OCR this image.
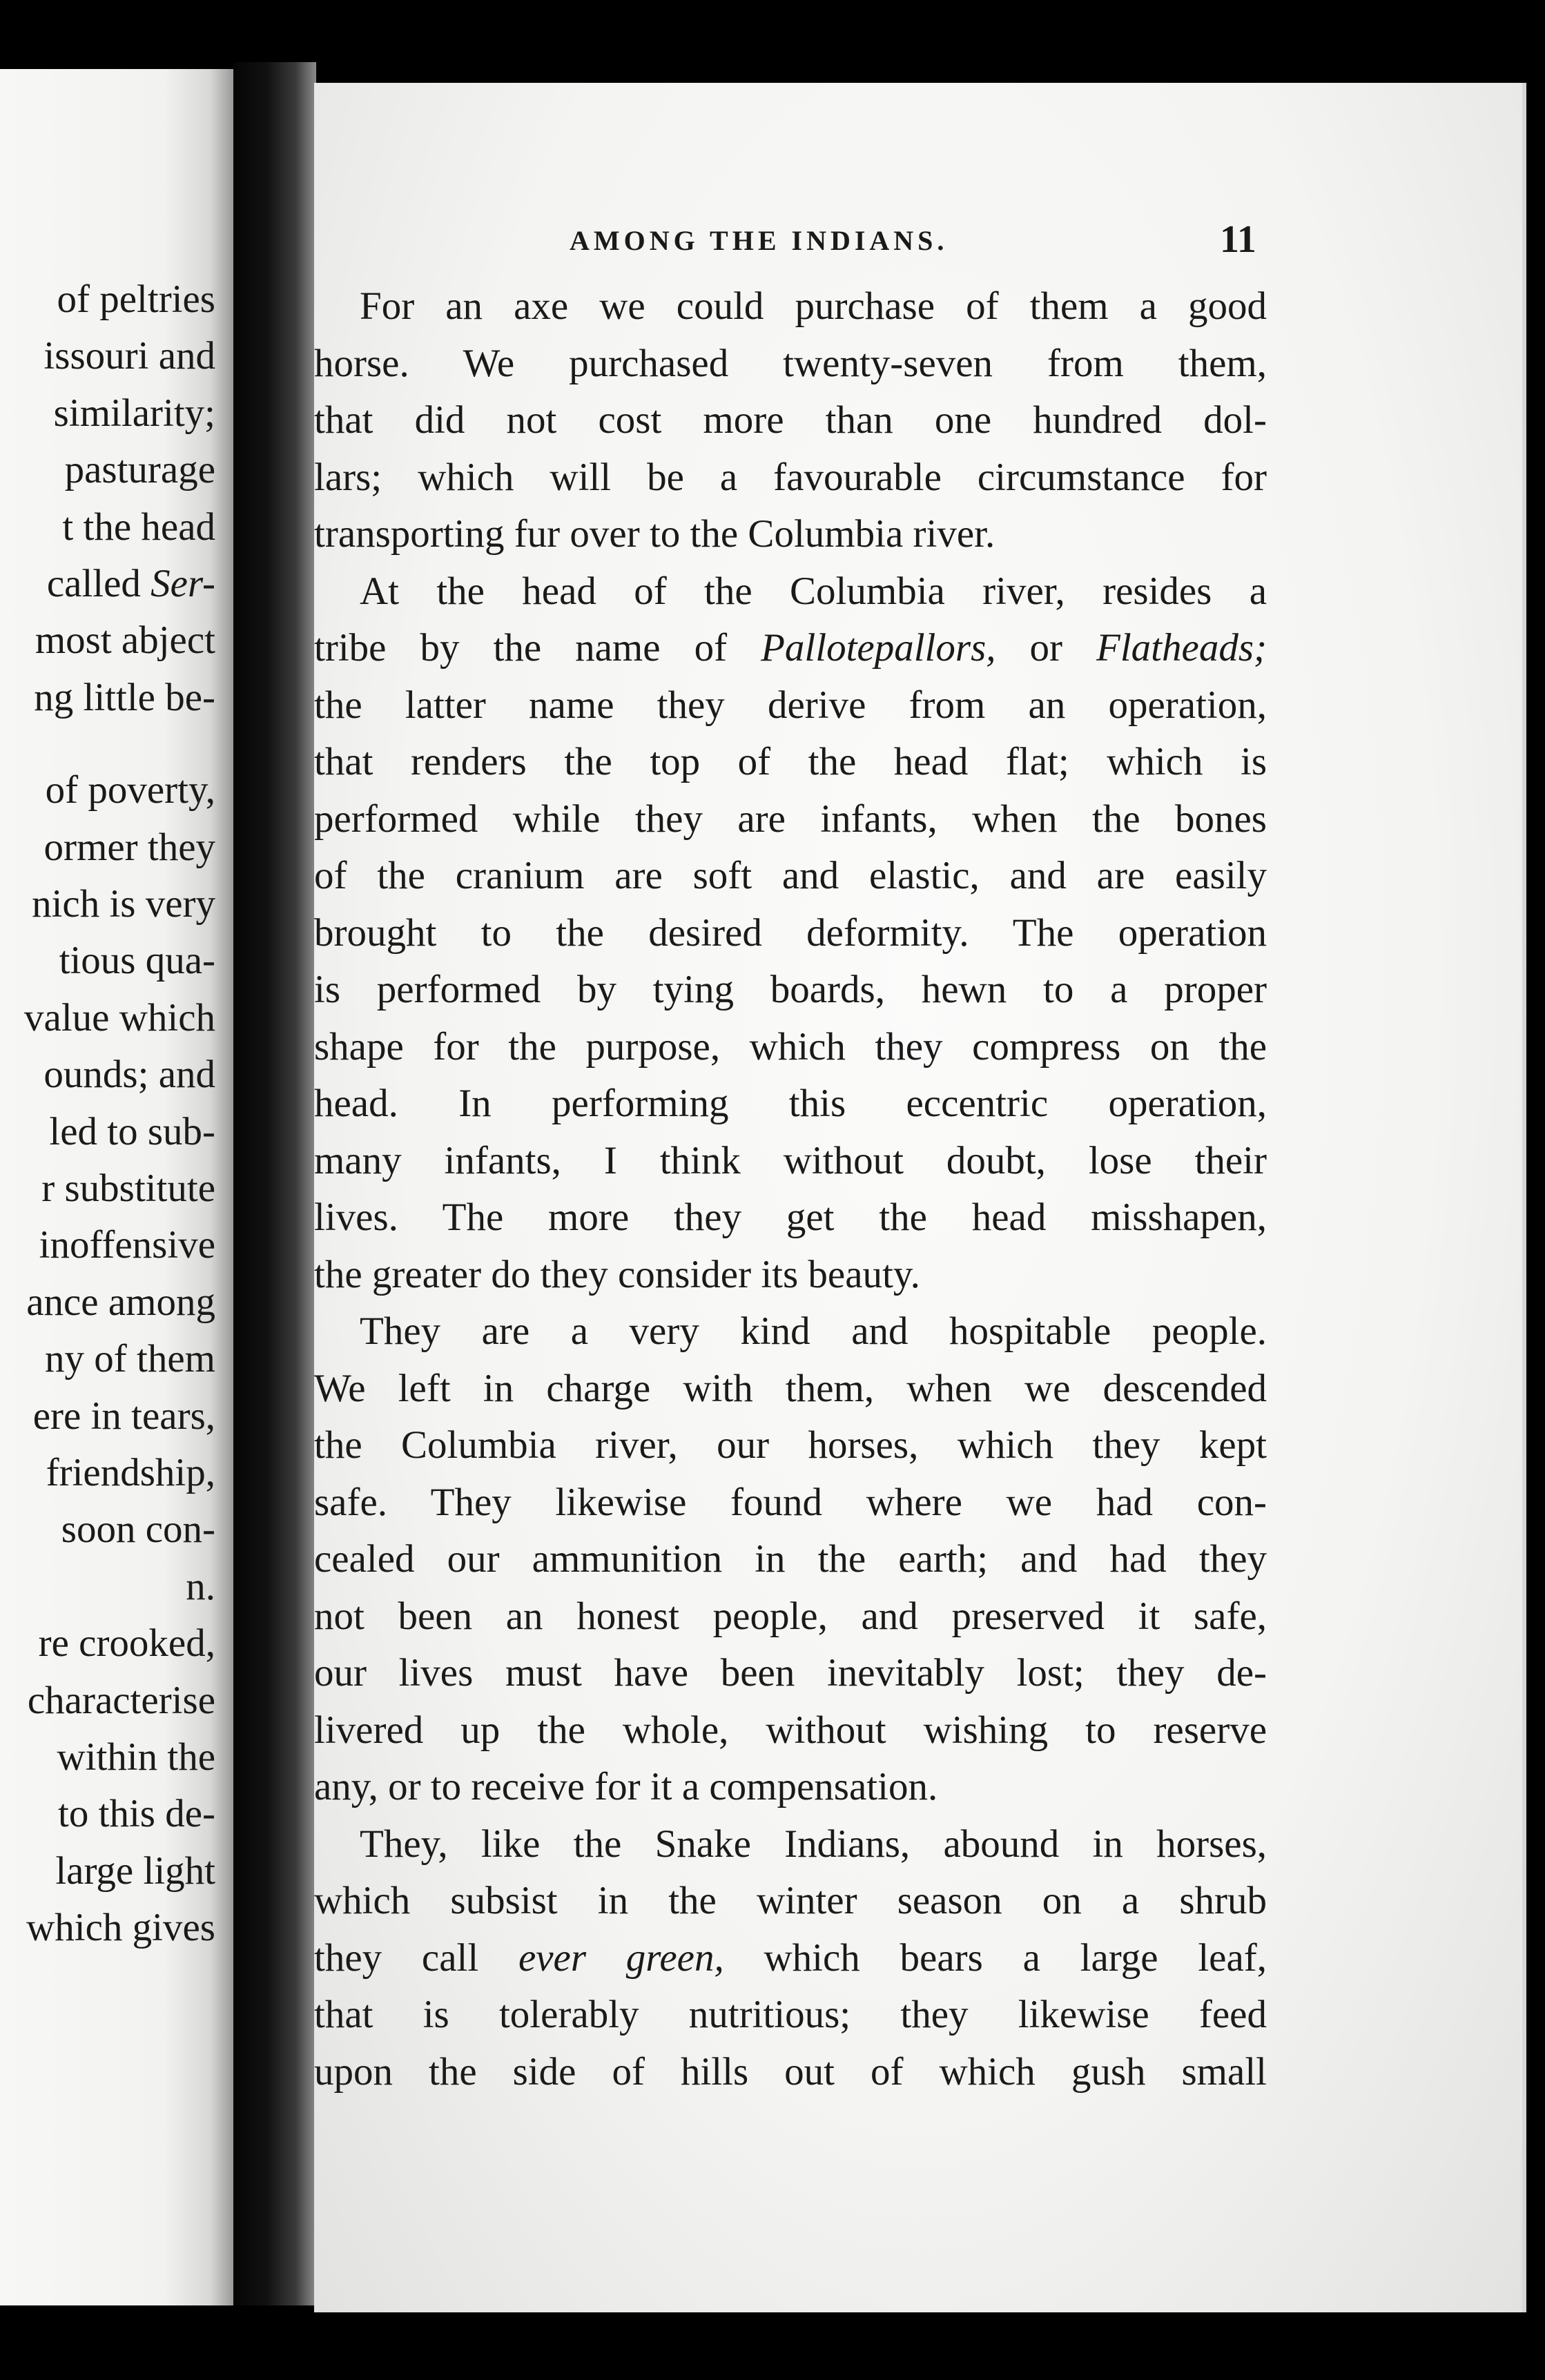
of peltries
issouri and
similarity;
pasturage
t the head
called Ser-
most abject
ng little be-
of poverty,
ormer they
nich is very
tious qua-
value which
ounds; and
led to sub-
r substitute
inoffensive
ance among
ny of them
ere in tears,
friendship,
soon con-
n.
re crooked,
characterise
within the
to this de-
large light
which gives
AMONG THE INDIANS.	11
For an axe we could purchase of them a good
horse. We purchased twenty-seven from them,
that did not cost more than one hundred dol-
lars; which will be a favourable circumstance for
transporting fur over to the Columbia river.
At the head of the Columbia river, resides a
tribe by the name of Pallotepallors, or Flatheads;
the latter name they derive from an operation,
that renders the top of the head flat; which is
performed while they are infants, when the bones
of the cranium are soft and elastic, and are easily
brought to the desired deformity. The operation
is performed by tying boards, hewn to a proper
shape for the purpose, which they compress on the
head. In performing this eccentric operation,
many infants, I think without doubt, lose their
lives. The more they get the head misshapen,
the greater do they consider its beauty.
They are a very kind and hospitable people.
We left in charge with them, when we descended
the Columbia river, our horses, which they kept
safe. They likewise found where we had con-
cealed our ammunition in the earth; and had they
not been an honest people, and preserved it safe,
our lives must have been inevitably lost; they de-
livered up the whole, without wishing to reserve
any, or to receive for it a compensation.
They, like the Snake Indians, abound in horses,
which subsist in the winter season on a shrub
they call ever green, which bears a large leaf,
that is tolerably nutritious; they likewise feed
upon the side of hills out of which gush small
